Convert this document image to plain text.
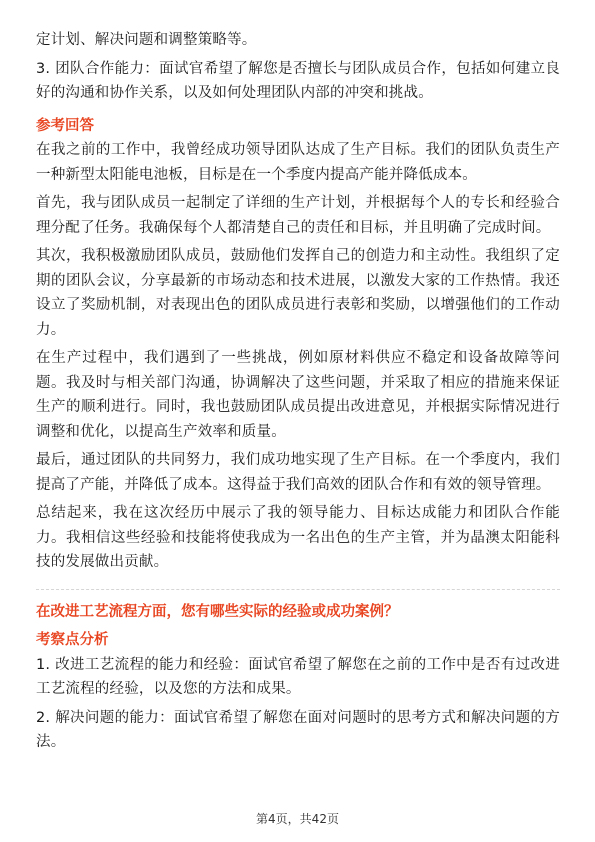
定计划、解决问题和调整策略等。

3. 团队合作能力：面试官希望了解您是否擅长与团队成员合作，包括如何建立良好的沟通和协作关系，以及如何处理团队内部的冲突和挑战。

参考回答

在我之前的工作中，我曾经成功领导团队达成了生产目标。我们的团队负责生产一种新型太阳能电池板，目标是在一个季度内提高产能并降低成本。

首先，我与团队成员一起制定了详细的生产计划，并根据每个人的专长和经验合理分配了任务。我确保每个人都清楚自己的责任和目标，并且明确了完成时间。

其次，我积极激励团队成员，鼓励他们发挥自己的创造力和主动性。我组织了定期的团队会议，分享最新的市场动态和技术进展，以激发大家的工作热情。我还设立了奖励机制，对表现出色的团队成员进行表彰和奖励，以增强他们的工作动力。

在生产过程中，我们遇到了一些挑战，例如原材料供应不稳定和设备故障等问题。我及时与相关部门沟通，协调解决了这些问题，并采取了相应的措施来保证生产的顺利进行。同时，我也鼓励团队成员提出改进意见，并根据实际情况进行调整和优化，以提高生产效率和质量。

最后，通过团队的共同努力，我们成功地实现了生产目标。在一个季度内，我们提高了产能，并降低了成本。这得益于我们高效的团队合作和有效的领导管理。

总结起来，我在这次经历中展示了我的领导能力、目标达成能力和团队合作能力。我相信这些经验和技能将使我成为一名出色的生产主管，并为晶澳太阳能科技的发展做出贡献。

在改进工艺流程方面，您有哪些实际的经验或成功案例？

考察点分析

1. 改进工艺流程的能力和经验：面试官希望了解您在之前的工作中是否有过改进工艺流程的经验，以及您的方法和成果。

2. 解决问题的能力：面试官希望了解您在面对问题时的思考方式和解决问题的方法。

第4页，共42页
